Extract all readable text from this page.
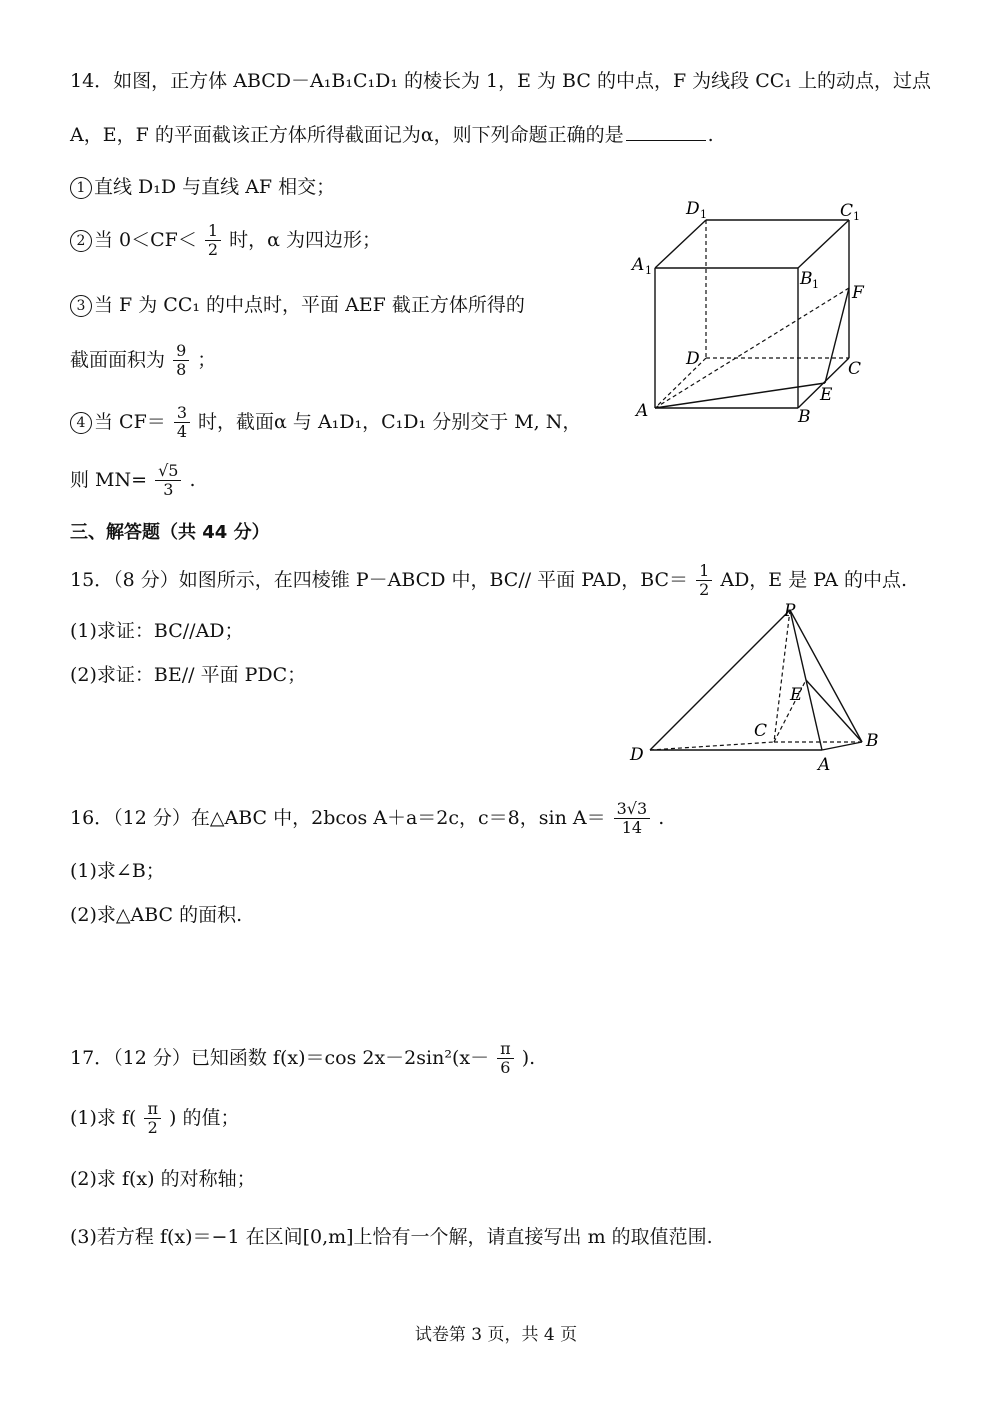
14．如图，正方体 ABCD－A₁B₁C₁D₁ 的棱长为 1，E 为 BC 的中点，F 为线段 CC₁ 上的动点，过点
A，E，F 的平面截该正方体所得截面记为α，则下列命题正确的是	.
1 直线 D₁D 与直线 AF 相交；
2 当 $0<CF< \frac{1}{2}$ 时，α 为四边形；
3 当 F 为 CC₁ 的中点时，平面 AEF 截正方体所得的
截面面积为 $\frac{9}{8}$ ；
4 当 $CF= \frac{3}{4}$ 时，截面α 与 A₁D₁，C₁D₁ 分别交于 M, N，
则 $MN= \frac{√5}{3}$ .
D 1	C 1
A 1	B 1 F
D	C
A
E
B
三、解答题（共 44 分）
15．（8 分）如图所示，在四棱锥 P－ABCD 中，BC// 平面 PAD，$BC= \frac{1}{2}$ AD，E 是 PA 的中点.
(1)求证：BC//AD；
(2)求证：BE// 平面 PDC；
P
E
C	B
D	A
16．（12 分）在△ABC 中，2bcos A＋a＝2c，c＝8，$\sin A= \frac{3√3}{14}$ .
(1)求∠B；
(2)求△ABC 的面积.
17．（12 分）已知函数 f(x)＝cos $2x-2\sin^2(x- \frac{\pi}{6}$ ).
(1)求 $f( \frac{\pi}{2}$ ) 的值；
(2)求 f(x) 的对称轴；
(3)若方程 f(x)＝−1 在区间[0,m]上恰有一个解，请直接写出 m 的取值范围.
试卷第 3 页，共 4 页
